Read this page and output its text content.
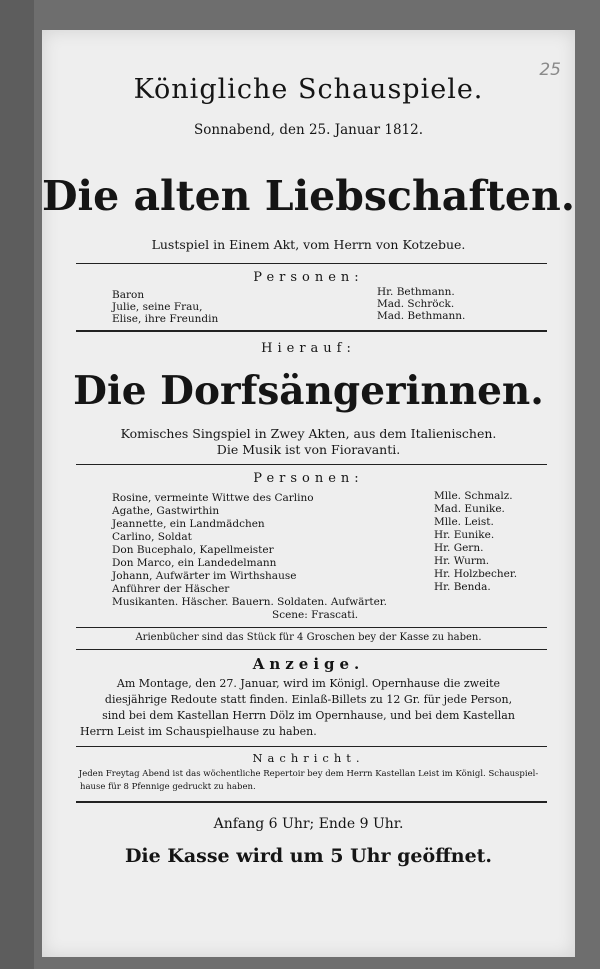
25
Königliche Schauspiele.
Sonnabend, den 25. Januar 1812.
Die alten Liebschaften.
Lustspiel in Einem Akt, vom Herrn von Kotzebue.
Personen:
Baron
Julie, seine Frau,
Elise, ihre Freundin
Hr. Bethmann.
Mad. Schröck.
Mad. Bethmann.
Hierauf:
Die Dorfsängerinnen.
Komisches Singspiel in Zwey Akten, aus dem Italienischen.
Die Musik ist von Fioravanti.
Personen:
Rosine, vermeinte Wittwe des Carlino
Agathe, Gastwirthin
Jeannette, ein Landmädchen
Carlino, Soldat
Don Bucephalo, Kapellmeister
Don Marco, ein Landedelmann
Johann, Aufwärter im Wirthshause
Anführer der Häscher
Musikanten. Häscher. Bauern. Soldaten. Aufwärter.
Scene: Frascati.
Mlle. Schmalz.
Mad. Eunike.
Mlle. Leist.
Hr. Eunike.
Hr. Gern.
Hr. Wurm.
Hr. Holzbecher.
Hr. Benda.
Arienbücher sind das Stück für 4 Groschen bey der Kasse zu haben.
Anzeige.
Am Montage, den 27. Januar, wird im Königl. Opernhause die zweite
diesjährige Redoute statt finden. Einlaß-Billets zu 12 Gr. für jede Person,
sind bei dem Kastellan Herrn Dölz im Opernhause, und bei dem Kastellan
Herrn Leist im Schauspielhause zu haben.
Nachricht.
Jeden Freytag Abend ist das wöchentliche Repertoir bey dem Herrn Kastellan Leist im Königl. Schauspiel-
hause für 8 Pfennige gedruckt zu haben.
Anfang 6 Uhr; Ende 9 Uhr.
Die Kasse wird um 5 Uhr geöffnet.
